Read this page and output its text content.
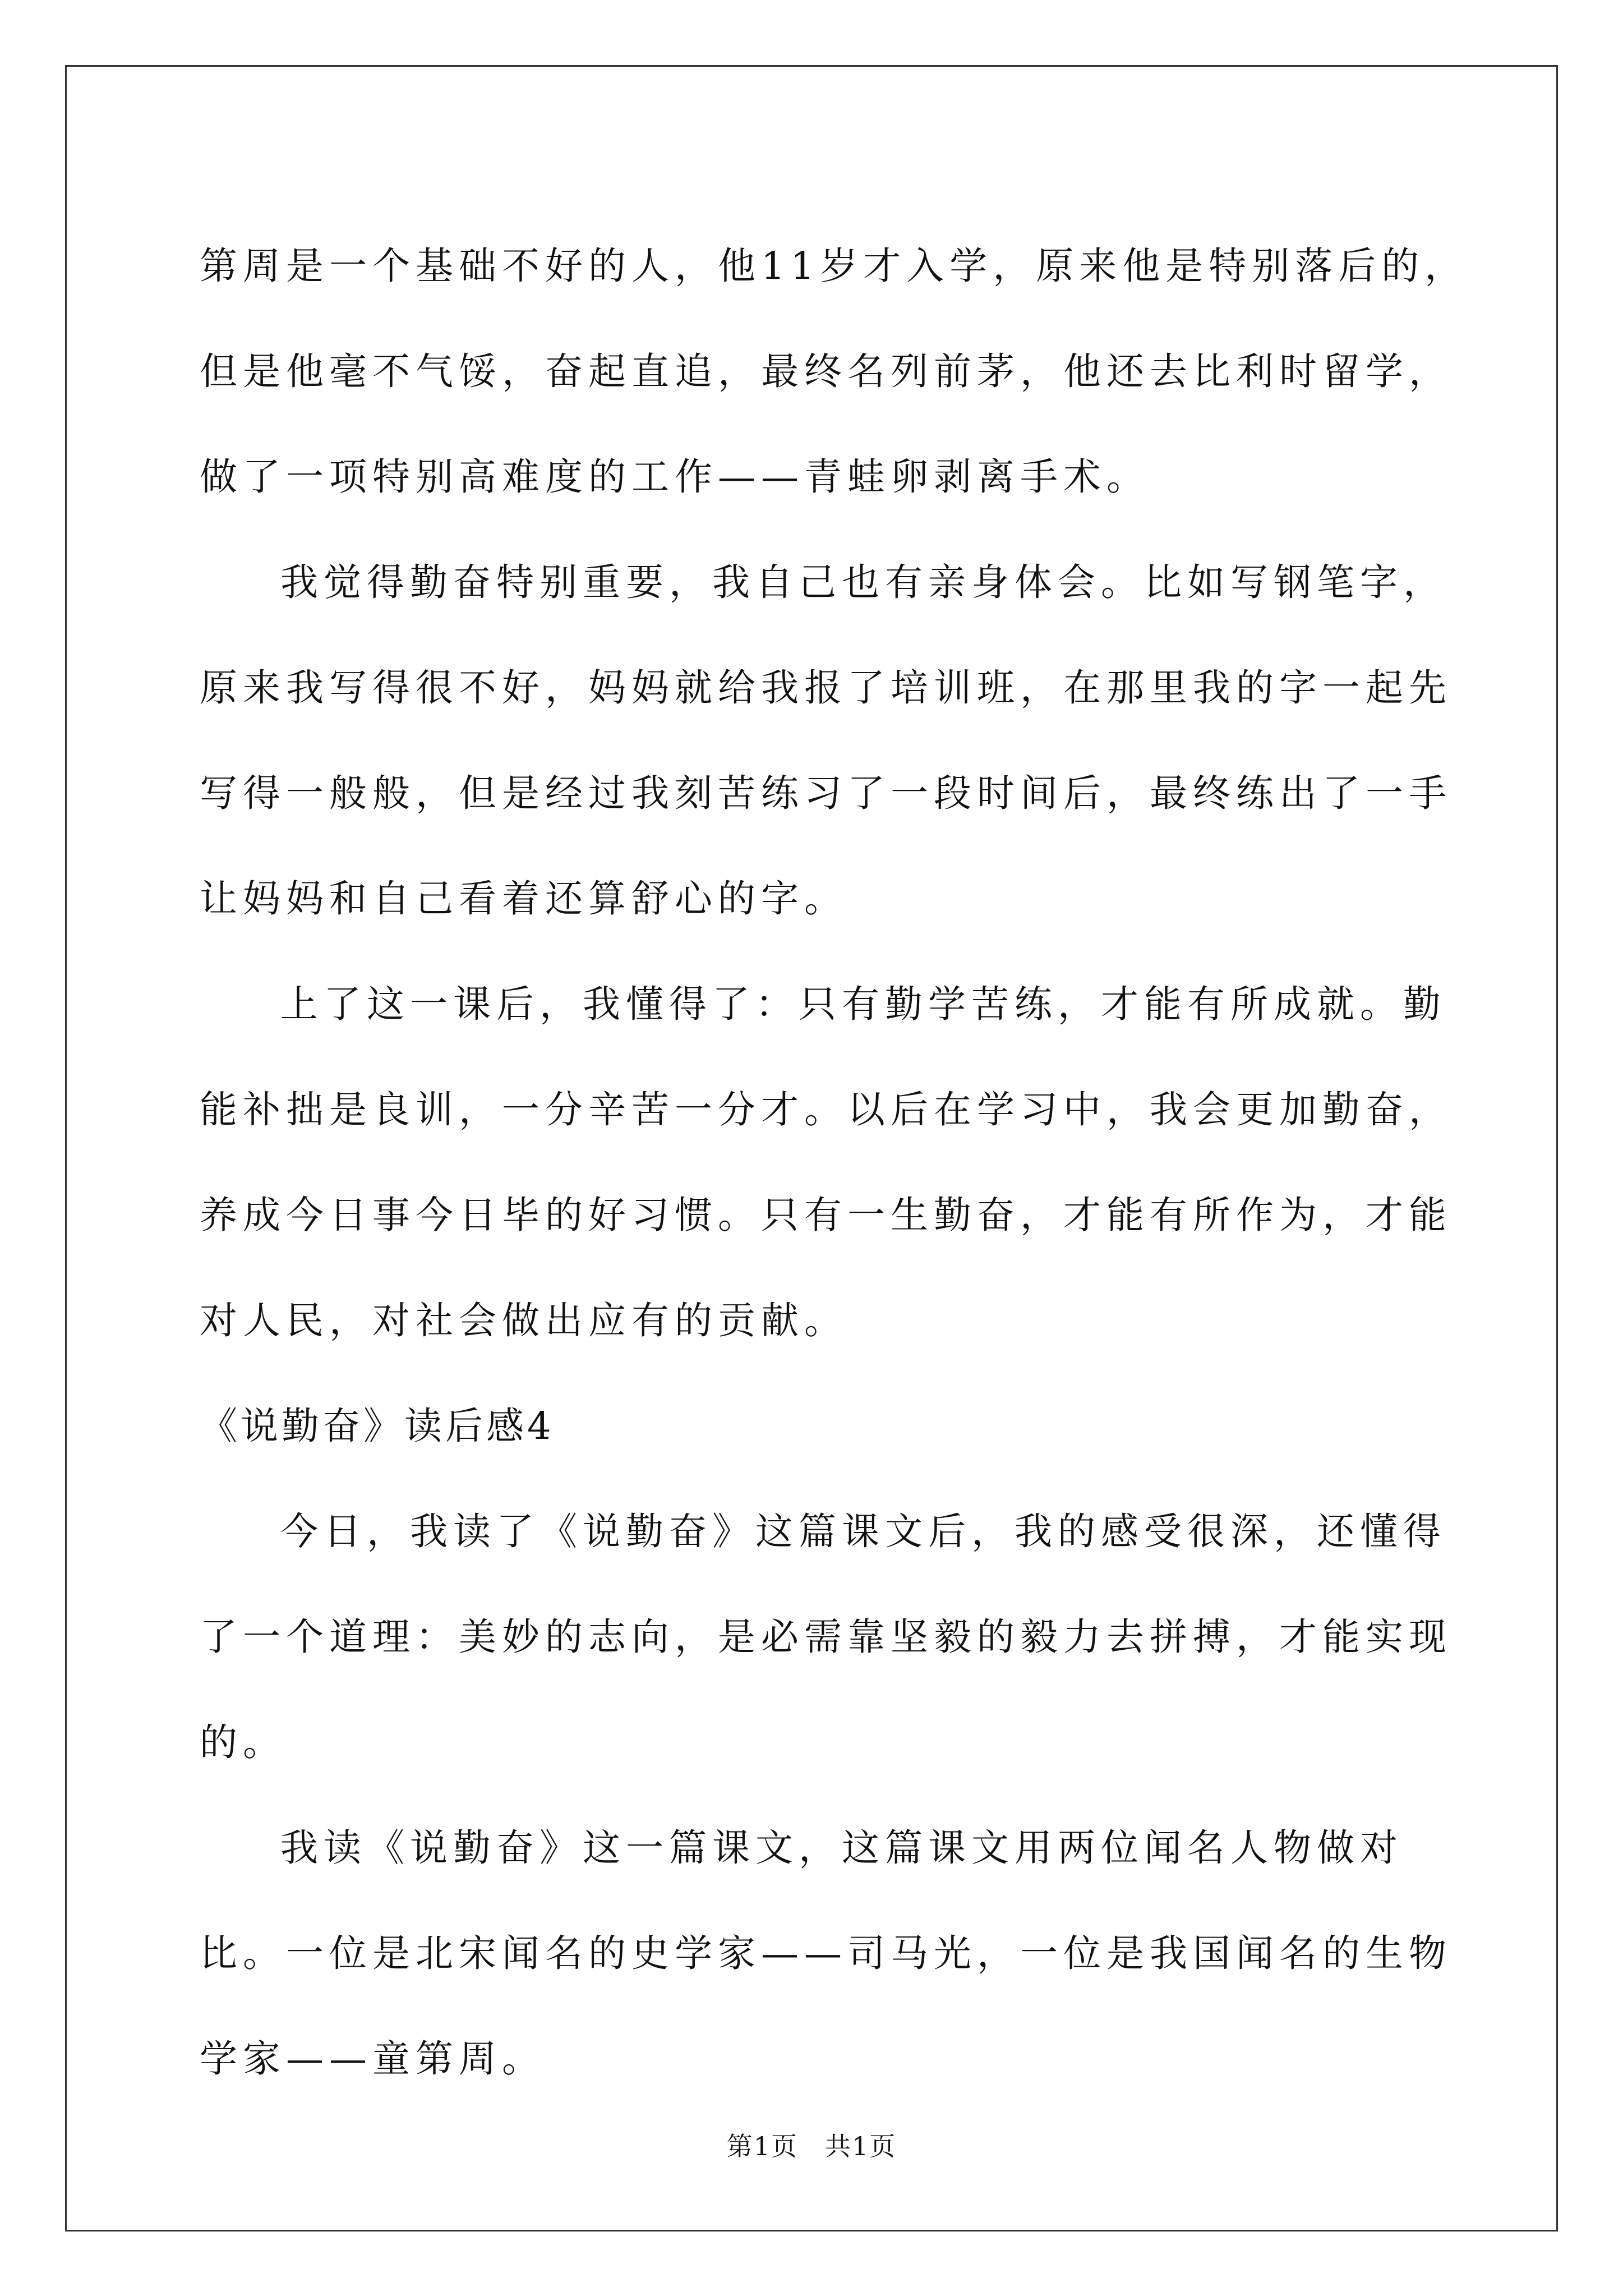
第周是一个基础不好的人，他11岁才入学，原来他是特别落后的，但是他毫不气馁，奋起直追，最终名列前茅，他还去比利时留学，做了一项特别高难度的工作——青蛙卵剥离手术。

我觉得勤奋特别重要，我自己也有亲身体会。比如写钢笔字，原来我写得很不好，妈妈就给我报了培训班，在那里我的字一起先写得一般般，但是经过我刻苦练习了一段时间后，最终练出了一手让妈妈和自己看着还算舒心的字。

上了这一课后，我懂得了：只有勤学苦练，才能有所成就。勤能补拙是良训，一分辛苦一分才。以后在学习中，我会更加勤奋，养成今日事今日毕的好习惯。只有一生勤奋，才能有所作为，才能对人民，对社会做出应有的贡献。

《说勤奋》读后感4

今日，我读了《说勤奋》这篇课文后，我的感受很深，还懂得了一个道理：美妙的志向，是必需靠坚毅的毅力去拼搏，才能实现的。

我读《说勤奋》这一篇课文，这篇课文用两位闻名人物做对比。一位是北宋闻名的史学家——司马光，一位是我国闻名的生物学家——童第周。

第1页 共1页
